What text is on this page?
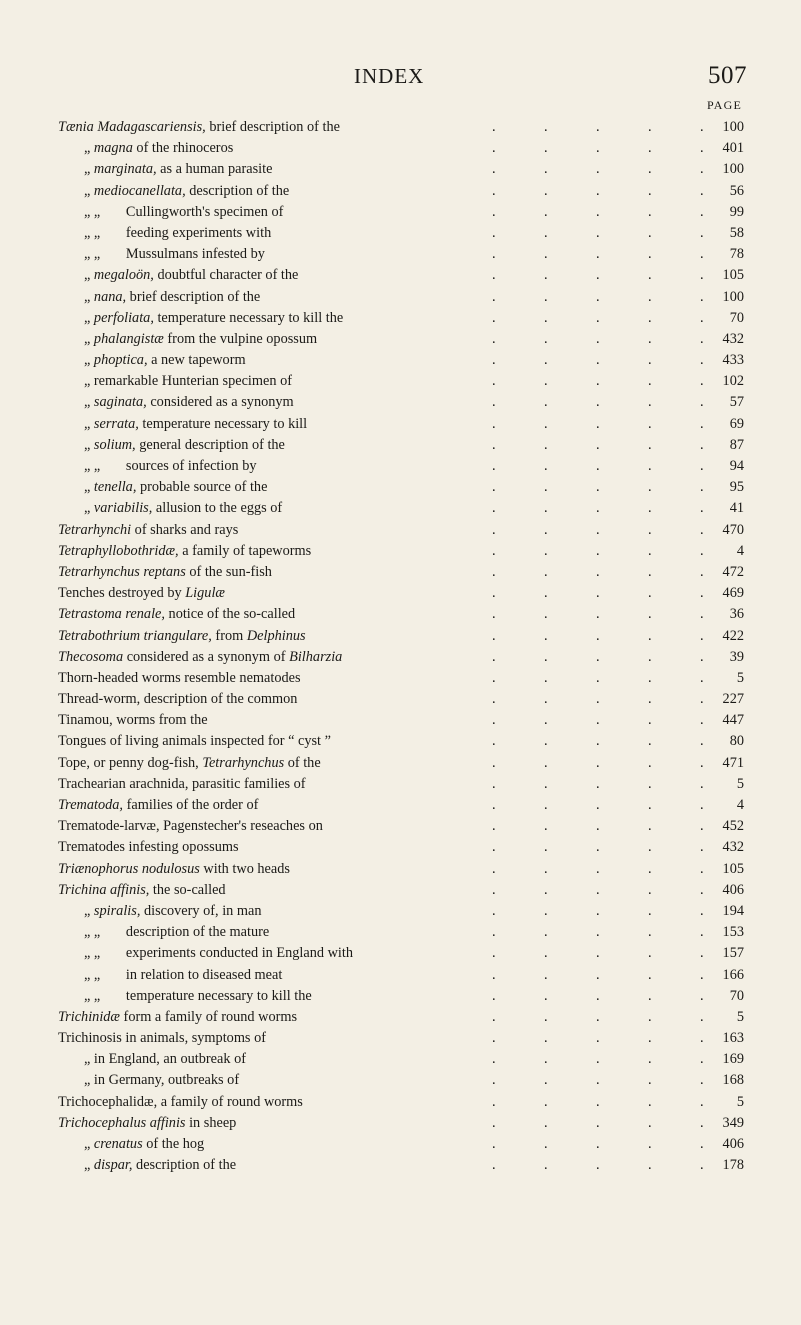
INDEX	507
PAGE
Tænia Madagascariensis, brief description of the	.	.	.	.	.	100
„ magna of the rhinoceros	.	.	.	.	.	401
„ marginata, as a human parasite	.	.	.	.	.	100
„ mediocanellata, description of the	.	.	.	.	.	56
„ „ Cullingworth's specimen of	.	.	.	.	.	99
„ „ feeding experiments with	.	.	.	.	.	58
„ „ Mussulmans infested by	.	.	.	.	.	78
„ megaloön, doubtful character of the	.	.	.	.	.	105
„ nana, brief description of the	.	.	.	.	.	100
„ perfoliata, temperature necessary to kill the	.	.	.	.	.	70
„ phalangistæ from the vulpine opossum	.	.	.	.	.	432
„ phoptica, a new tapeworm	.	.	.	.	.	433
„ remarkable Hunterian specimen of	.	.	.	.	.	102
„ saginata, considered as a synonym	.	.	.	.	.	57
„ serrata, temperature necessary to kill	.	.	.	.	.	69
„ solium, general description of the	.	.	.	.	.	87
„ „ sources of infection by	.	.	.	.	.	94
„ tenella, probable source of the	.	.	.	.	.	95
„ variabilis, allusion to the eggs of	.	.	.	.	.	41
Tetrarhynchi of sharks and rays	.	.	.	.	.	470
Tetraphyllobothridæ, a family of tapeworms	.	.	.	.	.	4
Tetrarhynchus reptans of the sun-fish	.	.	.	.	.	472
Tenches destroyed by Ligulæ	.	.	.	.	.	469
Tetrastoma renale, notice of the so-called	.	.	.	.	.	36
Tetrabothrium triangulare, from Delphinus	.	.	.	.	.	422
Thecosoma considered as a synonym of Bilharzia	.	.	.	.	.	39
Thorn-headed worms resemble nematodes	.	.	.	.	.	5
Thread-worm, description of the common	.	.	.	.	.	227
Tinamou, worms from the	.	.	.	.	.	447
Tongues of living animals inspected for “ cyst ”	.	.	.	.	.	80
Tope, or penny dog-fish, Tetrarhynchus of the	.	.	.	.	.	471
Trachearian arachnida, parasitic families of	.	.	.	.	.	5
Trematoda, families of the order of	.	.	.	.	.	4
Trematode-larvæ, Pagenstecher's reseaches on	.	.	.	.	.	452
Trematodes infesting opossums	.	.	.	.	.	432
Triænophorus nodulosus with two heads	.	.	.	.	.	105
Trichina affinis, the so-called	.	.	.	.	.	406
„ spiralis, discovery of, in man	.	.	.	.	.	194
„ „ description of the mature	.	.	.	.	.	153
„ „ experiments conducted in England with	.	.	.	.	.	157
„ „ in relation to diseased meat	.	.	.	.	.	166
„ „ temperature necessary to kill the	.	.	.	.	.	70
Trichinidæ form a family of round worms	.	.	.	.	.	5
Trichinosis in animals, symptoms of	.	.	.	.	.	163
„ in England, an outbreak of	.	.	.	.	.	169
„ in Germany, outbreaks of	.	.	.	.	.	168
Trichocephalidæ, a family of round worms	.	.	.	.	.	5
Trichocephalus affinis in sheep	.	.	.	.	.	349
„ crenatus of the hog	.	.	.	.	.	406
„ dispar, description of the	.	.	.	.	.	178
